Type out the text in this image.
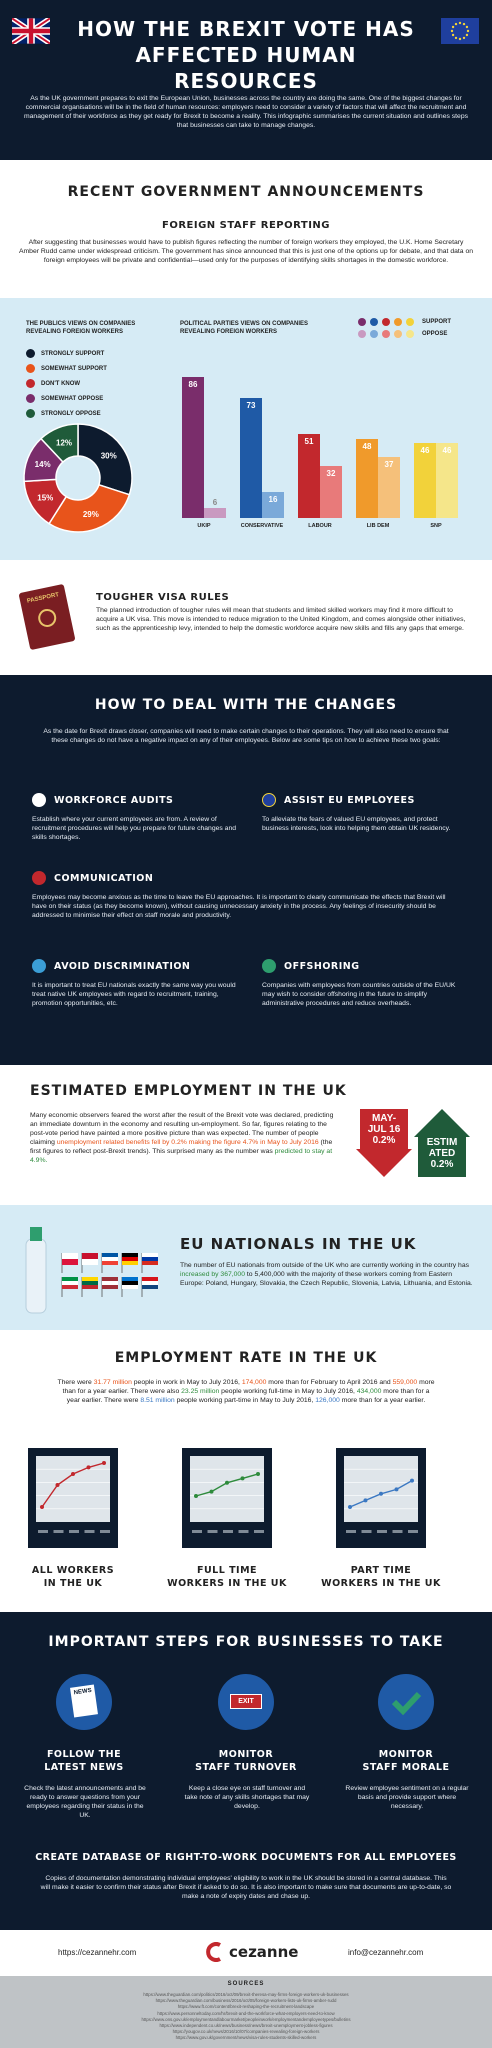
HOW THE BREXIT VOTE HAS
AFFECTED HUMAN RESOURCES
As the UK government prepares to exit the European Union, businesses across the country are doing the same. One of the biggest changes for commercial organisations will be in the field of human resources: employers need to consider a variety of factors that will affect the recruitment and management of their workforce as they get ready for Brexit to become a reality. This infographic summarises the current situation and outlines steps that businesses can take to manage changes.
RECENT GOVERNMENT ANNOUNCEMENTS
FOREIGN STAFF REPORTING
After suggesting that businesses would have to publish figures reflecting the number of foreign workers they employed, the U.K. Home Secretary Amber Rudd came under widespread criticism. The government has since announced that this is just one of the options up for debate, and that data on foreign employees will be private and confidential—used only for the purposes of identifying skills shortages in the domestic workforce.
THE PUBLICS VIEWS ON COMPANIES REVEALING FOREIGN WORKERS
STRONGLY SUPPORT
SOMEWHAT SUPPORT
DON'T KNOW
SOMEWHAT OPPOSE
STRONGLY OPPOSE
30%
29%
15%
14%
12%
POLITICAL PARTIES VIEWS ON COMPANIES REVEALING FOREIGN WORKERS
SUPPORT
OPPOSE
86
6
UKIP
73
16
CONSERVATIVE
51
32
LABOUR
48
37
LIB DEM
46	46
SNP
PASSPORT	TOUGHER VISA RULES
The planned introduction of tougher rules will mean that students and limited skilled workers may find it more difficult to acquire a UK visa. This move is intended to reduce migration to the United Kingdom, and comes alongside other initiatives, such as the apprenticeship levy, intended to help the domestic workforce acquire new skills and fills any gaps that emerge.
HOW TO DEAL WITH THE CHANGES
As the date for Brexit draws closer, companies will need to make certain changes to their operations. They will also need to ensure that these changes do not have a negative impact on any of their employees. Below are some tips on how to achieve these two goals:
WORKFORCE AUDITS
Establish where your current employees are from. A review of recruitment procedures will help you prepare for future changes and skills shortages.
ASSIST EU EMPLOYEES
To alleviate the fears of valued EU employees, and protect business interests, look into helping them obtain UK residency.
COMMUNICATION
Employees may become anxious as the time to leave the EU approaches. It is important to clearly communicate the effects that Brexit will have on their status (as they become known), without causing unnecessary anxiety in the process. Any feelings of insecurity should be addressed to minimise their effect on staff morale and productivity.
AVOID DISCRIMINATION
It is important to treat EU nationals exactly the same way you would treat native UK employees with regard to recruitment, training, promotion opportunities, etc.
OFFSHORING
Companies with employees from countries outside of the EU/UK may wish to consider offshoring in the future to simplify administrative procedures and reduce overheads.
ESTIMATED EMPLOYMENT IN THE UK
Many economic observers feared the worst after the result of the Brexit vote was declared, predicting an immediate downturn in the economy and resulting un-employment. So far, figures relating to the post-vote period have painted a more positive picture than was expected. The number of people claiming unemployment related benefits fell by 0.2% making the figure 4.7% in May to July 2016 (the first figures to reflect post-Brexit trends). This surprised many as the number was predicted to stay at 4.9%.
MAY-
JUL 16
0.2%	ESTIM
ATED
0.2%
EU NATIONALS IN THE UK
The number of EU nationals from outside of the UK who are currently working in the country has increased by 367,000 to 5,400,000 with the majority of these workers coming from Eastern Europe: Poland, Hungary, Slovakia, the Czech Republic, Slovenia, Latvia, Lithuania, and Estonia.
EMPLOYMENT RATE IN THE UK
There were 31.77 million people in work in May to July 2016, 174,000 more than for February to April 2016 and 559,000 more than for a year earlier. There were also 23.25 million people working full-time in May to July 2016, 434,000 more than for a year earlier. There were 8.51 million people working part-time in May to July 2016, 126,000 more than for a year earlier.
ALL WORKERS
IN THE UK
FULL TIME
WORKERS IN THE UK
PART TIME
WORKERS IN THE UK
IMPORTANT STEPS FOR BUSINESSES TO TAKE
NEWS
EXIT
FOLLOW THE
LATEST NEWS
MONITOR
STAFF TURNOVER
MONITOR
STAFF MORALE
Check the latest announcements and be ready to answer questions from your employees regarding their status in the UK.
Keep a close eye on staff turnover and take note of any skills shortages that may develop.
Review employee sentiment on a regular basis and provide support where necessary.
CREATE DATABASE OF RIGHT-TO-WORK DOCUMENTS FOR ALL EMPLOYEES
Copies of documentation demonstrating individual employees' eligibility to work in the UK should be stored in a central database. This will make it easier to confirm their status after Brexit if asked to do so. It is also important to make sure that documents are up-to-date, so make a note of expiry dates and chase up.
https://cezannehr.com	cezanne	info@cezannehr.com
SOURCES
https://www.theguardian.com/politics/2016/oct/09/brexit-theresa-may-firms-foreign-workers-uk-businesses
https://www.theguardian.com/business/2016/oct/05/foreign-workers-lists-uk-firms-amber-rudd
https://www.ft.com/content/brexit-reshaping-the-recruitment-landscape
https://www.personneltoday.com/hr/brexit-and-the-workforce-what-employers-need-to-know
https://www.ons.gov.uk/employmentandlabourmarket/peopleinwork/employmentandemployeetypes/bulletins
https://www.independent.co.uk/news/business/news/brexit-unemployment-jobless-figures
https://yougov.co.uk/news/2016/10/07/companies-revealing-foreign-workers
https://www.gov.uk/government/news/visa-rules-students-skilled-workers
